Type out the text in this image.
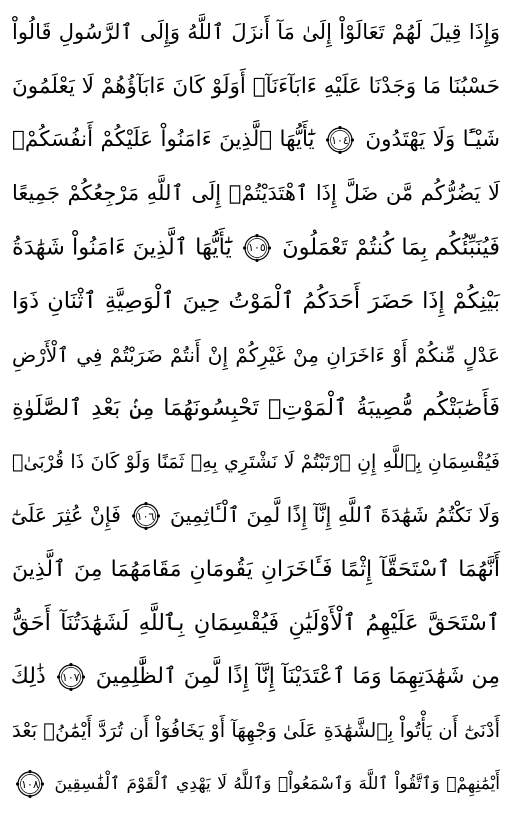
وَإِذَا قِيلَ لَهُمْ تَعَالَوْاْ إِلَىٰ مَآ أَنزَلَ ٱللَّهُ وَإِلَى ٱلرَّسُولِ قَالُواْ
حَسْبُنَا مَا وَجَدْنَا عَلَيْهِ ءَابَآءَنَآۚ أَوَلَوْ كَانَ ءَابَآؤُهُمْ لَا يَعْلَمُونَ
شَيْـًٔا وَلَا يَهْتَدُونَ
١٠٤
يَٰٓأَيُّهَا ٱلَّذِينَ ءَامَنُواْ عَلَيْكُمْ أَنفُسَكُمْۖ
لَا يَضُرُّكُم مَّن ضَلَّ إِذَا ٱهْتَدَيْتُمْۚ إِلَى ٱللَّهِ مَرْجِعُكُمْ جَمِيعًا
فَيُنَبِّئُكُم بِمَا كُنتُمْ تَعْمَلُونَ
١٠٥
يَٰٓأَيُّهَا ٱلَّذِينَ ءَامَنُواْ شَهَٰدَةُ
بَيْنِكُمْ إِذَا حَضَرَ أَحَدَكُمُ ٱلْمَوْتُ حِينَ ٱلْوَصِيَّةِ ٱثْنَانِ ذَوَا
عَدْلٍ مِّنكُمْ أَوْ ءَاخَرَانِ مِنْ غَيْرِكُمْ إِنْ أَنتُمْ ضَرَبْتُمْ فِي ٱلْأَرْضِ
فَأَصَٰبَتْكُم مُّصِيبَةُ ٱلْمَوْتِۚ تَحْبِسُونَهُمَا مِنۢ بَعْدِ ٱلصَّلَوٰةِ
فَيُقْسِمَانِ بِٱللَّهِ إِنِ ٱرْتَبْتُمْ لَا نَشْتَرِي بِهِۦ ثَمَنًا وَلَوْ كَانَ ذَا قُرْبَىٰۙ
وَلَا نَكْتُمُ شَهَٰدَةَ ٱللَّهِ إِنَّآ إِذًا لَّمِنَ ٱلْـَٔاثِمِينَ
١٠٦
فَإِنْ عُثِرَ عَلَىٰٓ
أَنَّهُمَا ٱسْتَحَقَّآ إِثْمًا فَـَٔاخَرَانِ يَقُومَانِ مَقَامَهُمَا مِنَ ٱلَّذِينَ
ٱسْتَحَقَّ عَلَيْهِمُ ٱلْأَوْلَيَٰنِ فَيُقْسِمَانِ بِٱللَّهِ لَشَهَٰدَتُنَآ أَحَقُّ
مِن شَهَٰدَتِهِمَا وَمَا ٱعْتَدَيْنَآ إِنَّآ إِذًا لَّمِنَ ٱلظَّٰلِمِينَ
١٠٧
ذَٰلِكَ
أَدْنَىٰٓ أَن يَأْتُواْ بِٱلشَّهَٰدَةِ عَلَىٰ وَجْهِهَآ أَوْ يَخَافُوٓاْ أَن تُرَدَّ أَيْمَٰنُۢ بَعْدَ
أَيْمَٰنِهِمْۗ وَٱتَّقُواْ ٱللَّهَ وَٱسْمَعُواْۗ وَٱللَّهُ لَا يَهْدِي ٱلْقَوْمَ ٱلْفَٰسِقِينَ
١٠٨
